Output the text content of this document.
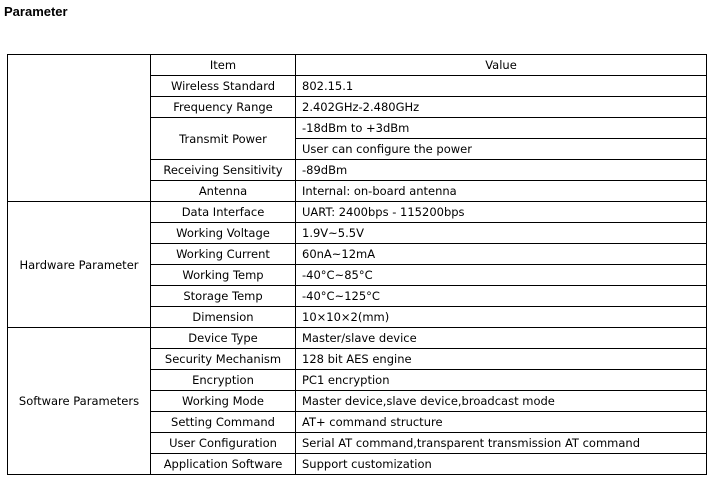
Parameter
	Item	Value
	Wireless Standard	802.15.1
	Frequency Range	2.402GHz-2.480GHz
	Transmit Power	-18dBm to +3dBm
		User can configure the power
	Receiving Sensitivity	-89dBm
	Antenna	Internal: on-board antenna
Hardware Parameter	Data Interface	UART: 2400bps - 115200bps
	Working Voltage	1.9V~5.5V
	Working Current	60nA~12mA
	Working Temp	-40°C~85°C
	Storage Temp	-40°C~125°C
	Dimension	10×10×2(mm)
Software Parameters	Device Type	Master/slave device
	Security Mechanism	128 bit AES engine
	Encryption	PC1 encryption
	Working Mode	Master device,slave device,broadcast mode
	Setting Command	AT+ command structure
	User Configuration	Serial AT command,transparent transmission AT command
	Application Software	Support customization
